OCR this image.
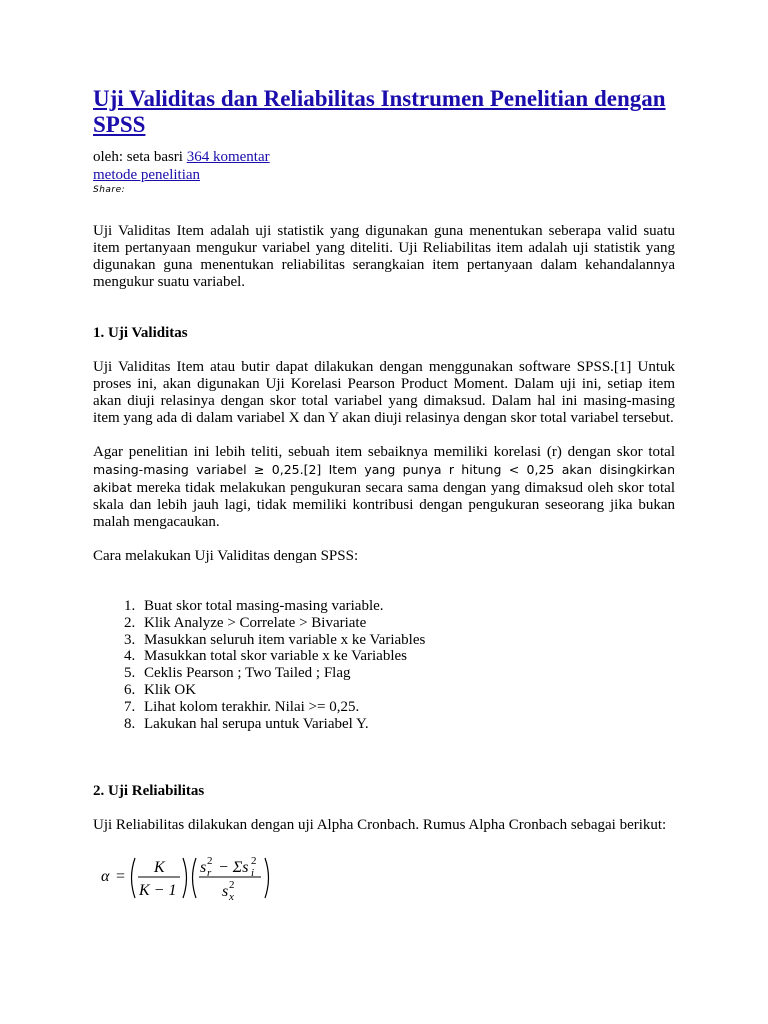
Uji Validitas dan Reliabilitas Instrumen Penelitian dengan SPSS
oleh: seta basri 364 komentar
metode penelitian
Share:

Uji Validitas Item adalah uji statistik yang digunakan guna menentukan seberapa valid suatu item pertanyaan mengukur variabel yang diteliti. Uji Reliabilitas item adalah uji statistik yang digunakan guna menentukan reliabilitas serangkaian item pertanyaan dalam kehandalannya mengukur suatu variabel.

1. Uji Validitas

Uji Validitas Item atau butir dapat dilakukan dengan menggunakan software SPSS.[1] Untuk proses ini, akan digunakan Uji Korelasi Pearson Product Moment. Dalam uji ini, setiap item akan diuji relasinya dengan skor total variabel yang dimaksud. Dalam hal ini masing-masing item yang ada di dalam variabel X dan Y akan diuji relasinya dengan skor total variabel tersebut.

Agar penelitian ini lebih teliti, sebuah item sebaiknya memiliki korelasi (r) dengan skor total masing-masing variabel ≥ 0,25.[2] Item yang punya r hitung < 0,25 akan disingkirkan akibat mereka tidak melakukan pengukuran secara sama dengan yang dimaksud oleh skor total skala dan lebih jauh lagi, tidak memiliki kontribusi dengan pengukuran seseorang jika bukan malah mengacaukan.

Cara melakukan Uji Validitas dengan SPSS:

1. Buat skor total masing-masing variable.
2. Klik Analyze > Correlate > Bivariate
3. Masukkan seluruh item variable x ke Variables
4. Masukkan total skor variable x ke Variables
5. Ceklis Pearson ; Two Tailed ; Flag
6. Klik OK
7. Lihat kolom terakhir. Nilai >= 0,25.
8. Lakukan hal serupa untuk Variabel Y.
2. Uji Reliabilitas

Uji Reliabilitas dilakukan dengan uji Alpha Cronbach. Rumus Alpha Cronbach sebagai berikut:

α =
K
K − 1
s r
2 − Σs i
2
s x
2
